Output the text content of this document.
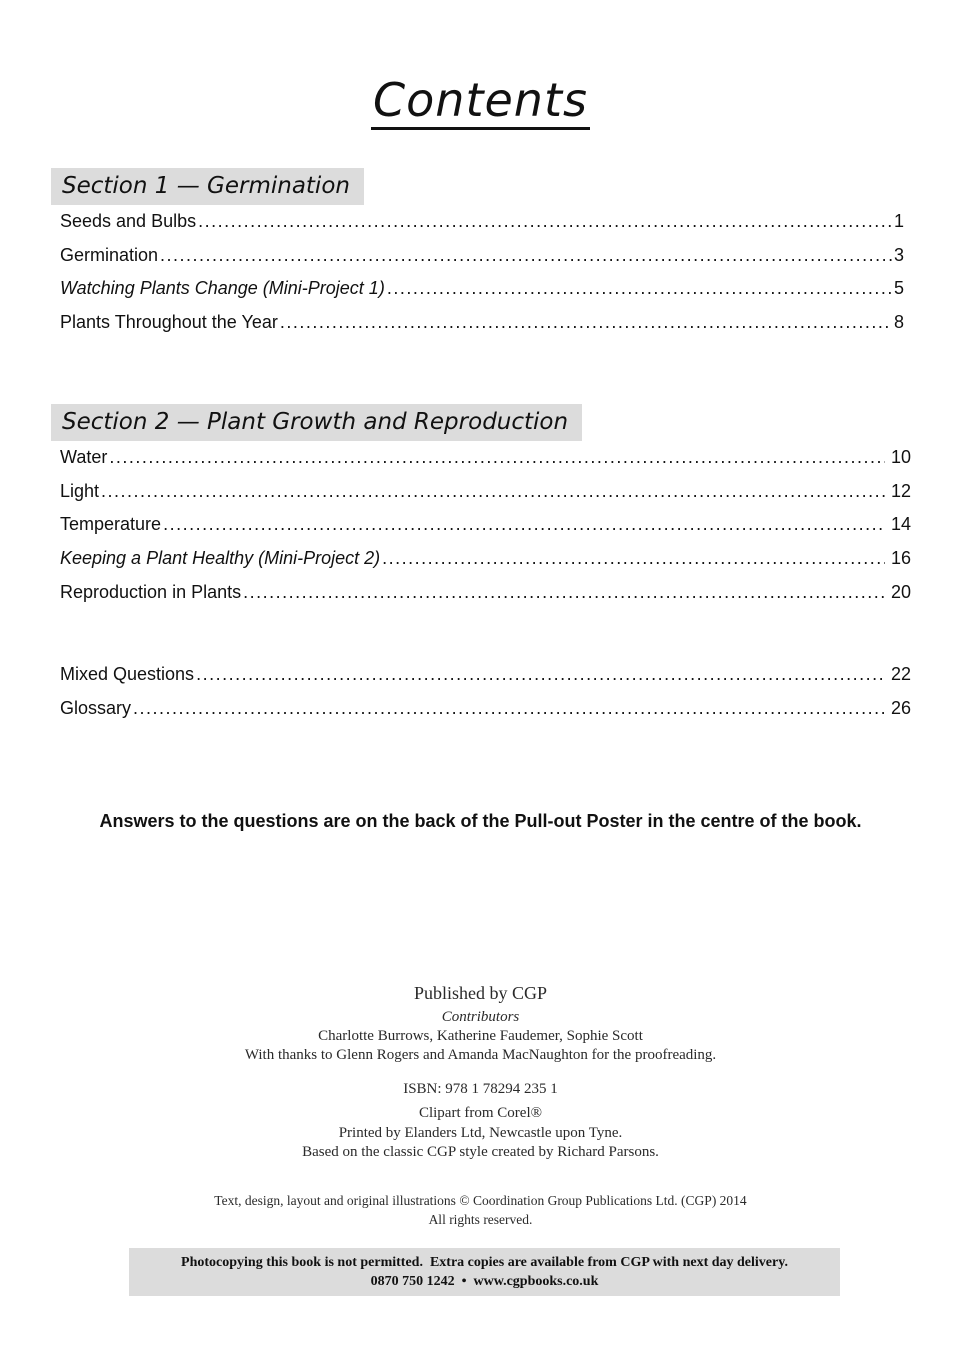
Contents
Section 1 — Germination
Seeds and Bulbs .....	1
Germination .....	3
Watching Plants Change (Mini-Project 1) .....	5
Plants Throughout the Year .....	8
Section 2 — Plant Growth and Reproduction
Water .....	10
Light .....	12
Temperature .....	14
Keeping a Plant Healthy (Mini-Project 2) .....	16
Reproduction in Plants .....	20
Mixed Questions .....	22
Glossary .....	26
Answers to the questions are on the back of the Pull-out Poster in the centre of the book.
Published by CGP
Contributors
Charlotte Burrows, Katherine Faudemer, Sophie Scott
With thanks to Glenn Rogers and Amanda MacNaughton for the proofreading.
ISBN: 978 1 78294 235 1
Clipart from Corel®
Printed by Elanders Ltd, Newcastle upon Tyne.
Based on the classic CGP style created by Richard Parsons.
Text, design, layout and original illustrations © Coordination Group Publications Ltd. (CGP) 2014
All rights reserved.
Photocopying this book is not permitted.  Extra copies are available from CGP with next day delivery.
0870 750 1242  •  www.cgpbooks.co.uk
